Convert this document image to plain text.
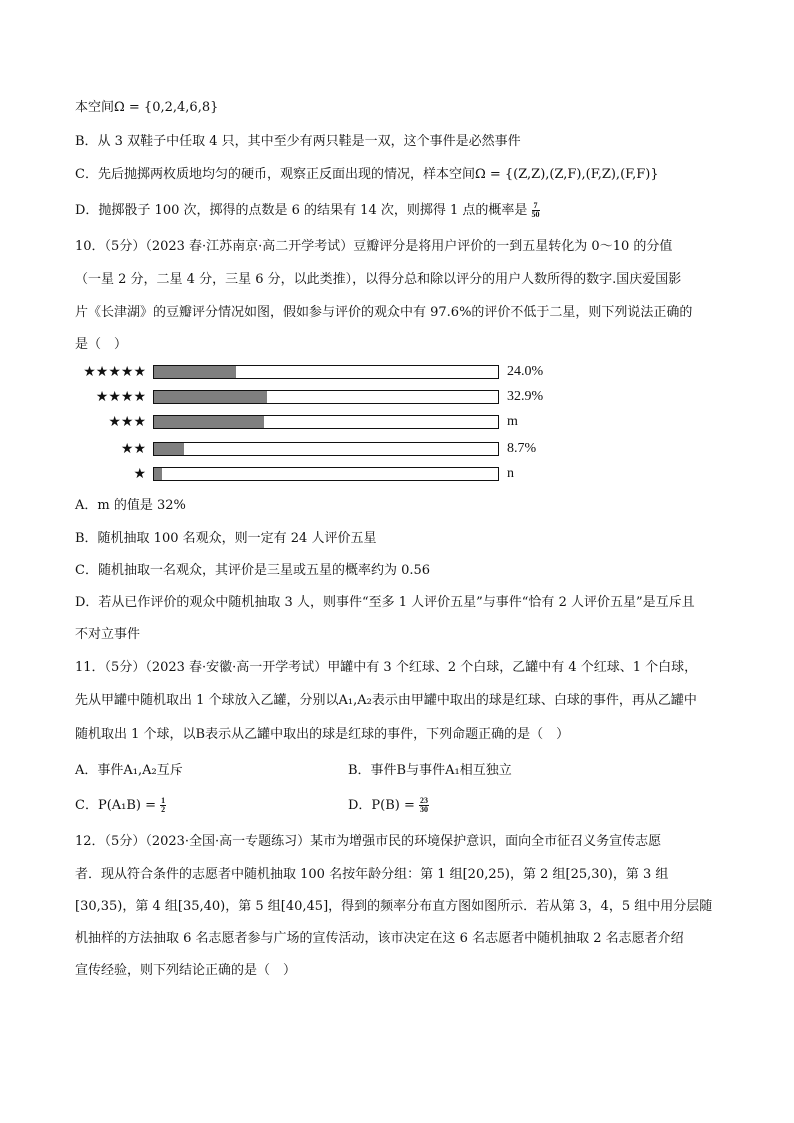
本空间Ω = {0,2,4,6,8}
B．从 3 双鞋子中任取 4 只，其中至少有两只鞋是一双，这个事件是必然事件
C．先后抛掷两枚质地均匀的硬币，观察正反面出现的情况，样本空间Ω = {(Z,Z),(Z,F),(F,Z),(F,F)}
D．抛掷骰子 100 次，掷得的点数是 6 的结果有 14 次，则掷得 1 点的概率是 $\frac{7}{50}$
10．（5分）（2023 春·江苏南京·高二开学考试）豆瓣评分是将用户评价的一到五星转化为 0～10 的分值
（一星 2 分，二星 4 分，三星 6 分，以此类推），以得分总和除以评分的用户人数所得的数字.国庆爱国影
片《长津湖》的豆瓣评分情况如图，假如参与评价的观众中有 97.6%的评价不低于二星，则下列说法正确的
是（　）
★★★★★	24.0%
★★★★	32.9%
★★★	m
★★	8.7%
★	n
A．m 的值是 32%
B．随机抽取 100 名观众，则一定有 24 人评价五星
C．随机抽取一名观众，其评价是三星或五星的概率约为 0.56
D．若从已作评价的观众中随机抽取 3 人，则事件“至多 1 人评价五星”与事件“恰有 2 人评价五星”是互斥且
不对立事件
11．（5分）（2023 春·安徽·高一开学考试）甲罐中有 3 个红球、2 个白球，乙罐中有 4 个红球、1 个白球，
先从甲罐中随机取出 1 个球放入乙罐，分别以A₁,A₂表示由甲罐中取出的球是红球、白球的事件，再从乙罐中
随机取出 1 个球，以B表示从乙罐中取出的球是红球的事件，下列命题正确的是（　）
A．事件A₁,A₂互斥	B．事件B与事件A₁相互独立
C．$P(A_1B) = \frac{1}{2}$	D．$P(B) = \frac{23}{30}$
12．（5分）（2023·全国·高一专题练习）某市为增强市民的环境保护意识，面向全市征召义务宣传志愿
者．现从符合条件的志愿者中随机抽取 100 名按年龄分组：第 1 组[20,25)，第 2 组[25,30)，第 3 组
[30,35)，第 4 组[35,40)，第 5 组[40,45]，得到的频率分布直方图如图所示．若从第 3，4，5 组中用分层随
机抽样的方法抽取 6 名志愿者参与广场的宣传活动，该市决定在这 6 名志愿者中随机抽取 2 名志愿者介绍
宣传经验，则下列结论正确的是（　）
